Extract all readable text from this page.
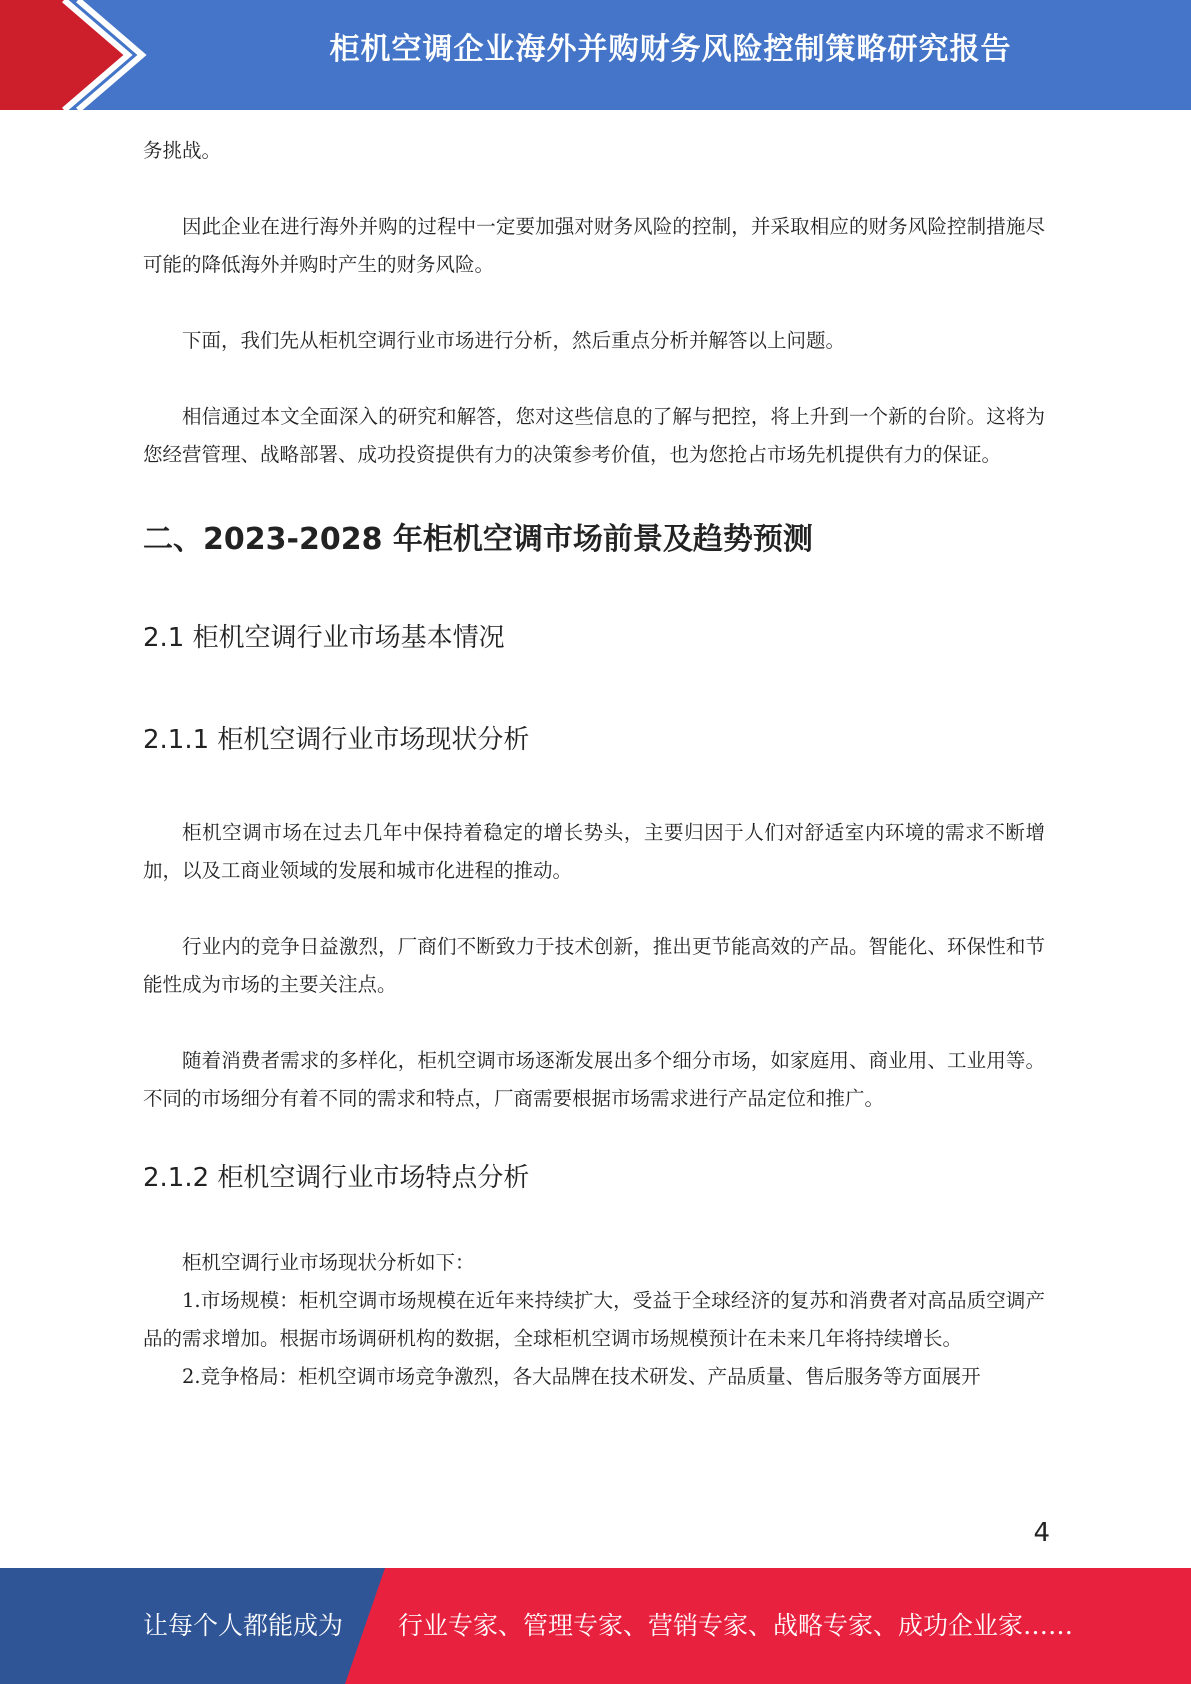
柜机空调企业海外并购财务风险控制策略研究报告

务挑战。

因此企业在进行海外并购的过程中一定要加强对财务风险的控制，并采取相应的财务风险控制措施尽可能的降低海外并购时产生的财务风险。

下面，我们先从柜机空调行业市场进行分析，然后重点分析并解答以上问题。

相信通过本文全面深入的研究和解答，您对这些信息的了解与把控，将上升到一个新的台阶。这将为您经营管理、战略部署、成功投资提供有力的决策参考价值，也为您抢占市场先机提供有力的保证。

二、2023-2028 年柜机空调市场前景及趋势预测
2.1 柜机空调行业市场基本情况
2.1.1 柜机空调行业市场现状分析

柜机空调市场在过去几年中保持着稳定的增长势头，主要归因于人们对舒适室内环境的需求不断增加，以及工商业领域的发展和城市化进程的推动。

行业内的竞争日益激烈，厂商们不断致力于技术创新，推出更节能高效的产品。智能化、环保性和节能性成为市场的主要关注点。

随着消费者需求的多样化，柜机空调市场逐渐发展出多个细分市场，如家庭用、商业用、工业用等。不同的市场细分有着不同的需求和特点，厂商需要根据市场需求进行产品定位和推广。

2.1.2 柜机空调行业市场特点分析

柜机空调行业市场现状分析如下：

1.市场规模：柜机空调市场规模在近年来持续扩大，受益于全球经济的复苏和消费者对高品质空调产品的需求增加。根据市场调研机构的数据，全球柜机空调市场规模预计在未来几年将持续增长。

2.竞争格局：柜机空调市场竞争激烈，各大品牌在技术研发、产品质量、售后服务等方面展开

4
让每个人都能成为 行业专家、管理专家、营销专家、战略专家、成功企业家……
